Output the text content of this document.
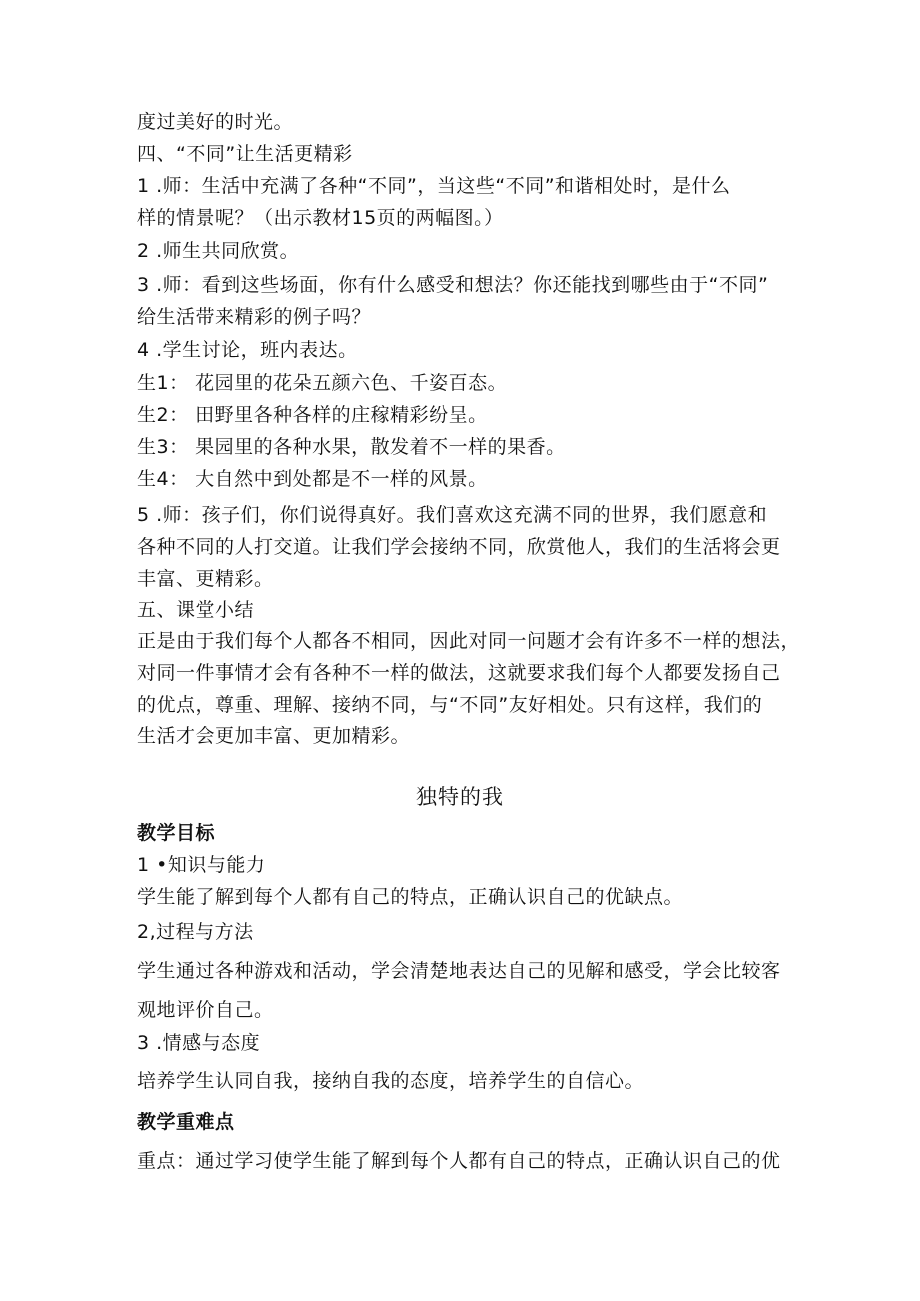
度过美好的时光。
四、“不同”让生活更精彩
1 .师：生活中充满了各种“不同”，当这些“不同”和谐相处时，是什么
样的情景呢？（出示教材15页的两幅图。）
2 .师生共同欣赏。
3 .师：看到这些场面，你有什么感受和想法？你还能找到哪些由于“不同”
给生活带来精彩的例子吗？
4 .学生讨论，班内表达。
生1： 花园里的花朵五颜六色、千姿百态。
生2： 田野里各种各样的庄稼精彩纷呈。
生3： 果园里的各种水果，散发着不一样的果香。
生4： 大自然中到处都是不一样的风景。
5 .师：孩子们，你们说得真好。我们喜欢这充满不同的世界，我们愿意和
各种不同的人打交道。让我们学会接纳不同，欣赏他人，我们的生活将会更
丰富、更精彩。
五、课堂小结
正是由于我们每个人都各不相同，因此对同一问题才会有许多不一样的想法，
对同一件事情才会有各种不一样的做法，这就要求我们每个人都要发扬自己
的优点，尊重、理解、接纳不同，与“不同”友好相处。只有这样，我们的
生活才会更加丰富、更加精彩。
独特的我
教学目标
1 •知识与能力
学生能了解到每个人都有自己的特点，正确认识自己的优缺点。
2,过程与方法
学生通过各种游戏和活动，学会清楚地表达自己的见解和感受，学会比较客
观地评价自己。
3 .情感与态度
培养学生认同自我，接纳自我的态度，培养学生的自信心。
教学重难点
重点：通过学习使学生能了解到每个人都有自己的特点，正确认识自己的优
